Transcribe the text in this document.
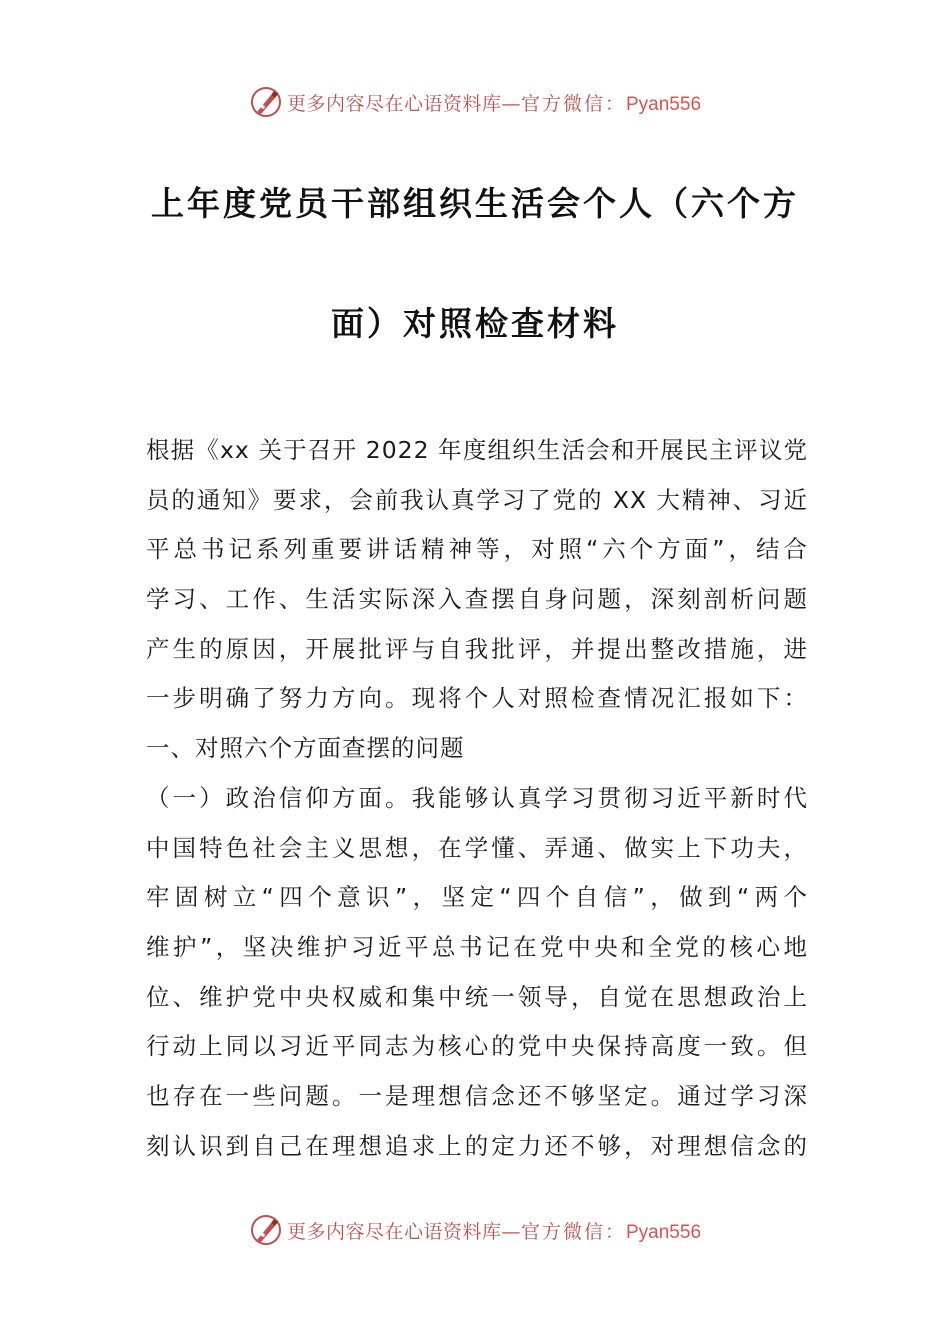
更多内容尽在心语资料库—官方微信：Pyan556
上年度党员干部组织生活会个人（六个方
面）对照检查材料
根据《xx 关于召开 2022 年度组织生活会和开展民主评议党
员的通知》要求，会前我认真学习了党的 XX 大精神、习近
平总书记系列重要讲话精神等，对照“六个方面”，结合
学习、工作、生活实际深入查摆自身问题，深刻剖析问题
产生的原因，开展批评与自我批评，并提出整改措施，进
一步明确了努力方向。现将个人对照检查情况汇报如下：
一、对照六个方面查摆的问题
（一）政治信仰方面。我能够认真学习贯彻习近平新时代
中国特色社会主义思想，在学懂、弄通、做实上下功夫，
牢固树立“四个意识”，坚定“四个自信”，做到“两个
维护”，坚决维护习近平总书记在党中央和全党的核心地
位、维护党中央权威和集中统一领导，自觉在思想政治上
行动上同以习近平同志为核心的党中央保持高度一致。但
也存在一些问题。一是理想信念还不够坚定。通过学习深
刻认识到自己在理想追求上的定力还不够，对理想信念的
更多内容尽在心语资料库—官方微信：Pyan556
